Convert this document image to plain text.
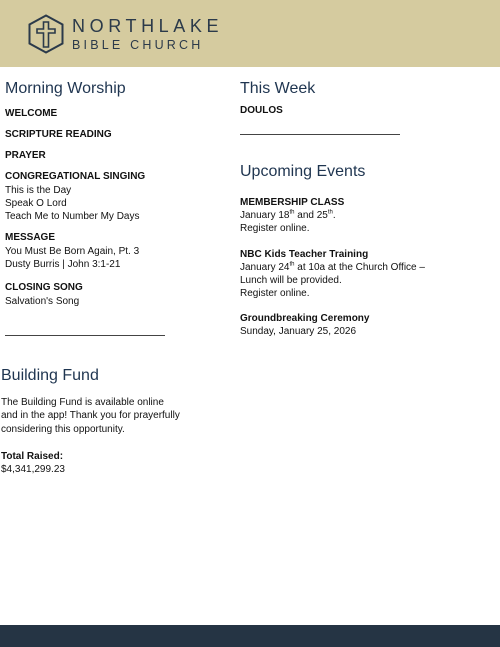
NORTHLAKE
BIBLE CHURCH
Morning Worship
WELCOME
SCRIPTURE READING
PRAYER
CONGREGATIONAL SINGING
This is the Day
Speak O Lord
Teach Me to Number My Days
MESSAGE
You Must Be Born Again, Pt. 3
Dusty Burris | John 3:1-21
CLOSING SONG
Salvation's Song
Building Fund
The Building Fund is available online
and in the app! Thank you for prayerfully
considering this opportunity.
Total Raised:
$4,341,299.23
This Week
DOULOS
Upcoming Events
MEMBERSHIP CLASS
January 18th and 25th.
Register online.
NBC Kids Teacher Training
January 24th at 10a at the Church Office –
Lunch will be provided.
Register online.
Groundbreaking Ceremony
Sunday, January 25, 2026
